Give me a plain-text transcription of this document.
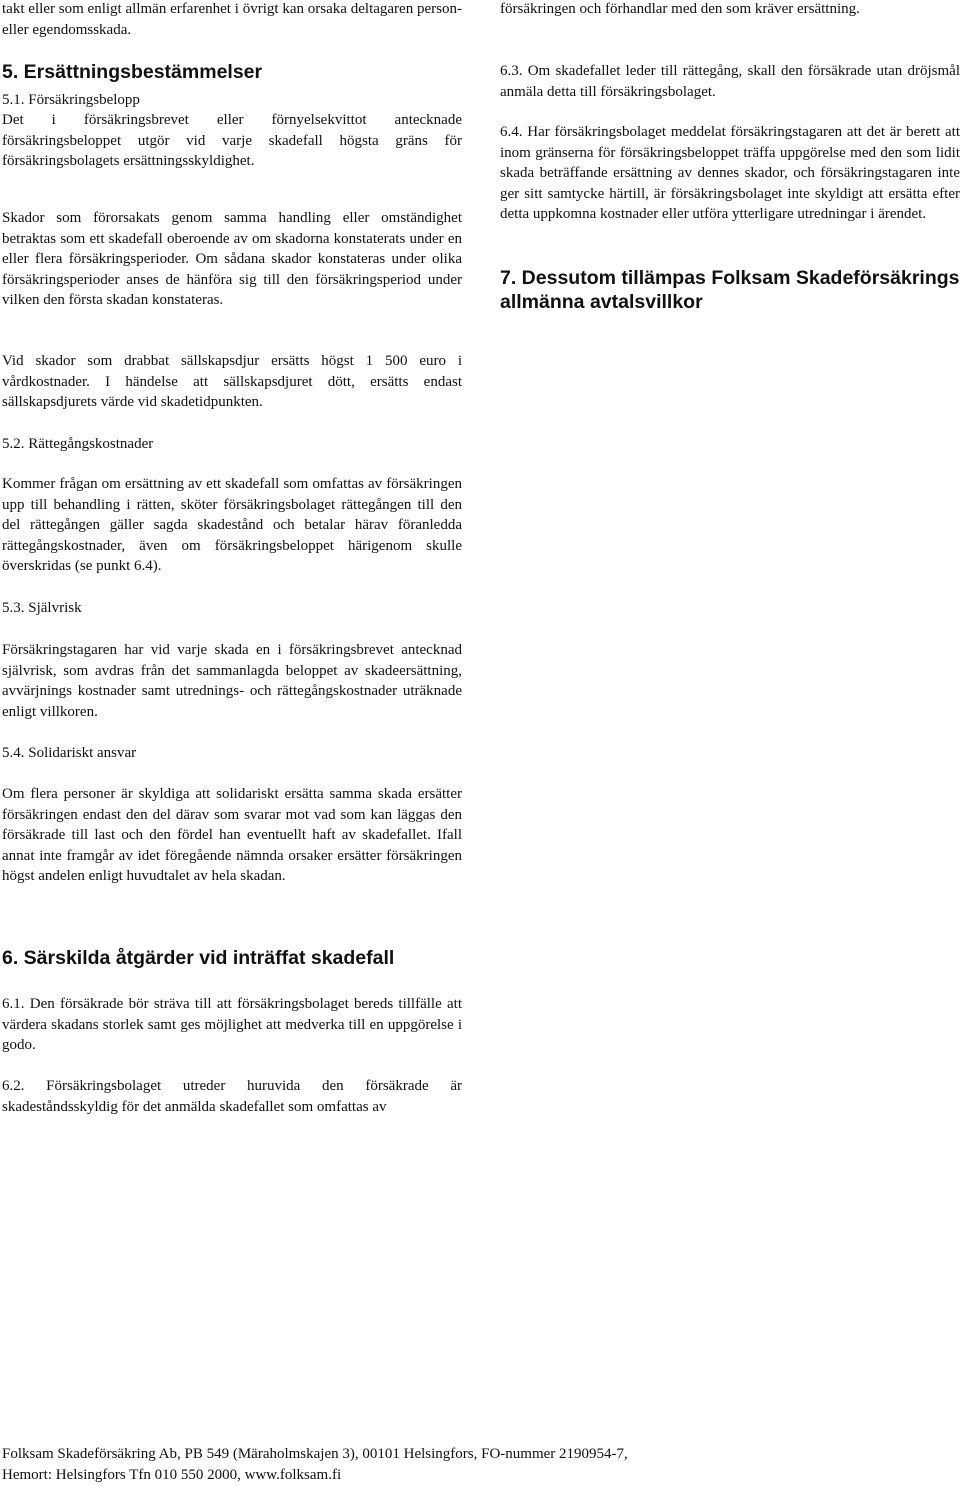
takt eller som enligt allmän erfarenhet i övrigt kan orsaka deltagaren person- eller egendomsskada.

5. Ersättningsbestämmelser
5.1. Försäkringsbelopp

Det i försäkringsbrevet eller förnyelsekvittot antecknade försäkringsbeloppet utgör vid varje skadefall högsta gräns för försäkringsbolagets ersättningsskyldighet.

Skador som förorsakats genom samma handling eller omständighet betraktas som ett skadefall oberoende av om skadorna konstaterats under en eller flera försäkringsperioder. Om sådana skador konstateras under olika försäkringsperioder anses de hänföra sig till den försäkringsperiod under vilken den första skadan konstateras.

Vid skador som drabbat sällskapsdjur ersätts högst 1 500 euro i vårdkostnader. I händelse att sällskapsdjuret dött, ersätts endast sällskapsdjurets värde vid skadetidpunkten.

5.2. Rättegångskostnader

Kommer frågan om ersättning av ett skadefall som omfattas av försäkringen upp till behandling i rätten, sköter försäkringsbolaget rättegången till den del rättegången gäller sagda skadestånd och betalar härav föranledda rättegångskostnader, även om försäkringsbeloppet härigenom skulle överskridas (se punkt 6.4).

5.3. Självrisk

Försäkringstagaren har vid varje skada en i försäkringsbrevet antecknad självrisk, som avdras från det sammanlagda beloppet av skadeersättning, avvärjnings kostnader samt utrednings- och rättegångskostnader uträknade enligt villkoren.

5.4. Solidariskt ansvar

Om flera personer är skyldiga att solidariskt ersätta samma skada ersätter försäkringen endast den del därav som svarar mot vad som kan läggas den försäkrade till last och den fördel han eventuellt haft av skadefallet. Ifall annat inte framgår av idet föregående nämnda orsaker ersätter försäkringen högst andelen enligt huvudtalet av hela skadan.

6. Särskilda åtgärder vid inträffat skadefall

6.1. Den försäkrade bör sträva till att försäkringsbolaget bereds tillfälle att värdera skadans storlek samt ges möjlighet att medverka till en uppgörelse i godo.

6.2. Försäkringsbolaget utreder huruvida den försäkrade är skadeståndsskyldig för det anmälda skadefallet som omfattas av

försäkringen och förhandlar med den som kräver ersättning.

6.3. Om skadefallet leder till rättegång, skall den försäkrade utan dröjsmål anmäla detta till försäkringsbolaget.

6.4. Har försäkringsbolaget meddelat försäkringstagaren att det är berett att inom gränserna för försäkringsbeloppet träffa uppgörelse med den som lidit skada beträffande ersättning av dennes skador, och försäkringstagaren inte ger sitt samtycke härtill, är försäkringsbolaget inte skyldigt att ersätta efter detta uppkomna kostnader eller utföra ytterligare utredningar i ärendet.

7. Dessutom tillämpas Folksam Skadeförsäkrings allmänna avtalsvillkor
Folksam Skadeförsäkring Ab, PB 549 (Märaholmskajen 3), 00101 Helsingfors, FO-nummer 2190954-7,
Hemort: Helsingfors Tfn 010 550 2000, www.folksam.fi
